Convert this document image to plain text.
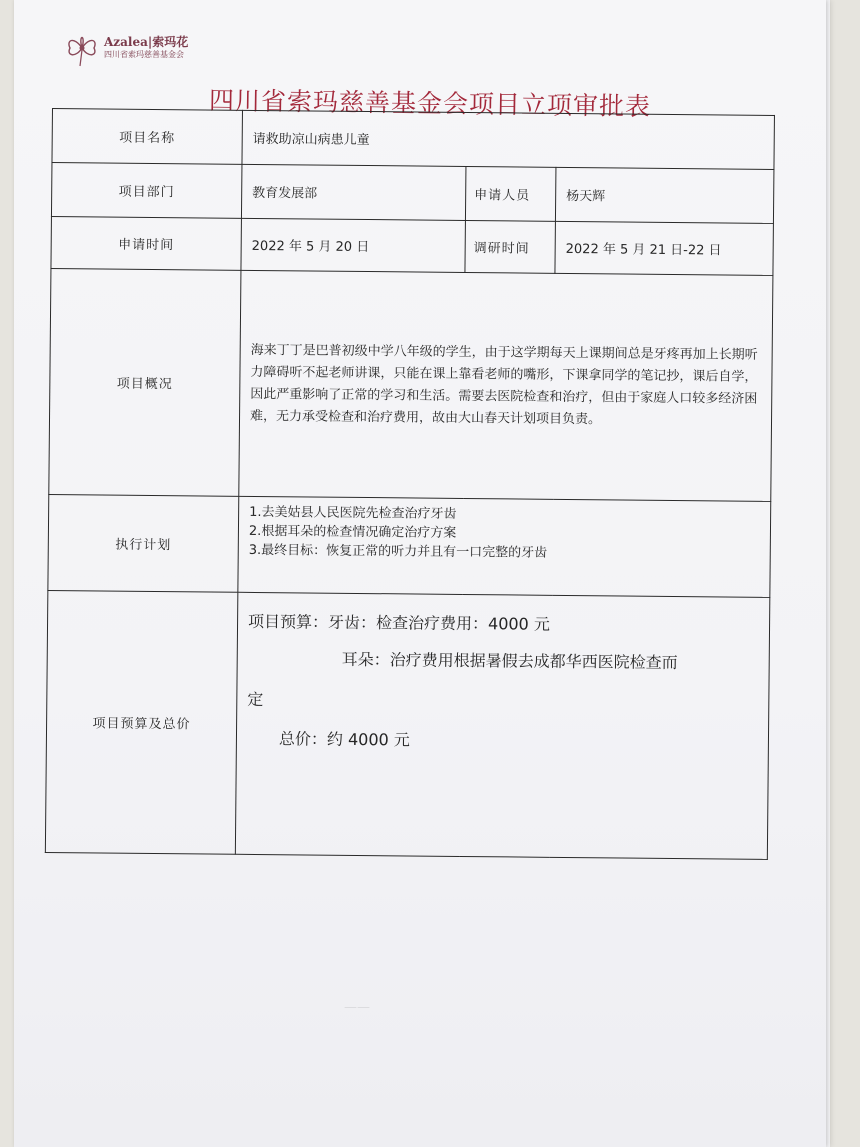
——
Azalea|索玛花
四川省索玛慈善基金会
四川省索玛慈善基金会项目立项审批表
项目名称	请救助凉山病患儿童		
项目部门	教育发展部	申请人员	杨天辉
申请时间	2022 年 5 月 20 日	调研时间	2022 年 5 月 21 日-22 日
项目概况	海来丁丁是巴普初级中学八年级的学生，由于这学期每天上课期间总是牙疼再加上长期听力障碍听不起老师讲课，只能在课上靠看老师的嘴形，下课拿同学的笔记抄，课后自学，因此严重影响了正常的学习和生活。需要去医院检查和治疗，但由于家庭人口较多经济困难，无力承受检查和治疗费用，故由大山春天计划项目负责。		
执行计划	1.去美姑县人民医院先检查治疗牙齿
2.根据耳朵的检查情况确定治疗方案
3.最终目标：恢复正常的听力并且有一口完整的牙齿		

项目预算及总价	项目预算：牙齿：检查治疗费用：4000 元
耳朵：治疗费用根据暑假去成都华西医院检查而
定
总价：约 4000 元		
